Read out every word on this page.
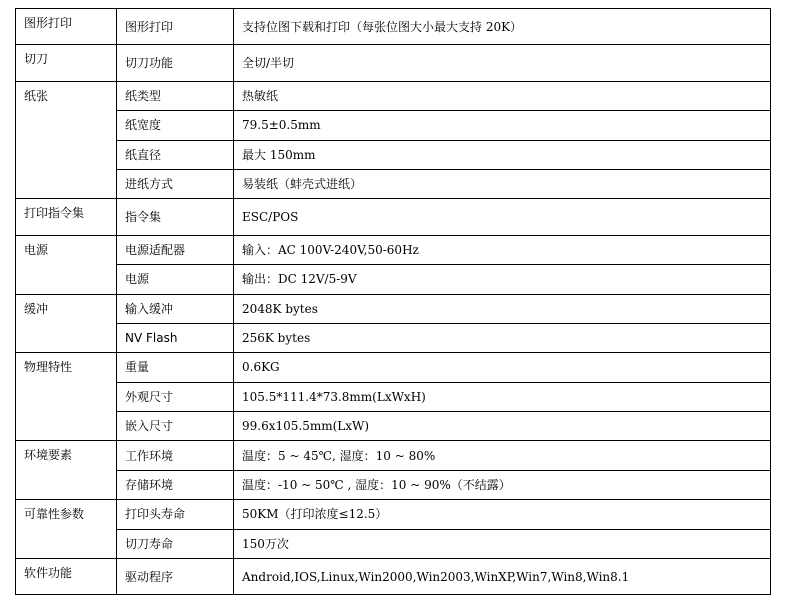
图形打印	图形打印	支持位图下载和打印（每张位图大小最大支持 20K）
切刀	切刀功能	全切/半切
纸张	纸类型	热敏纸
	纸宽度	79.5±0.5mm
	纸直径	最大 150mm
	进纸方式	易装纸（蚌壳式进纸）
打印指令集	指令集	ESC/POS
电源	电源适配器	输入：AC 100V-240V,50-60Hz
	电源	输出：DC 12V/5-9V
缓冲	输入缓冲	2048K bytes
	NV Flash	256K bytes
物理特性	重量	0.6KG
	外观尺寸	105.5*111.4*73.8mm(LxWxH)
	嵌入尺寸	99.6x105.5mm(LxW)
环境要素	工作环境	温度：5 ~ 45℃, 湿度：10 ~ 80%
	存储环境	温度：-10 ~ 50℃ , 湿度：10 ~ 90%（不结露）
可靠性参数	打印头寿命	50KM（打印浓度≤12.5）
	切刀寿命	150万次
软件功能	驱动程序	Android,IOS,Linux,Win2000,Win2003,WinXP,Win7,Win8,Win8.1
